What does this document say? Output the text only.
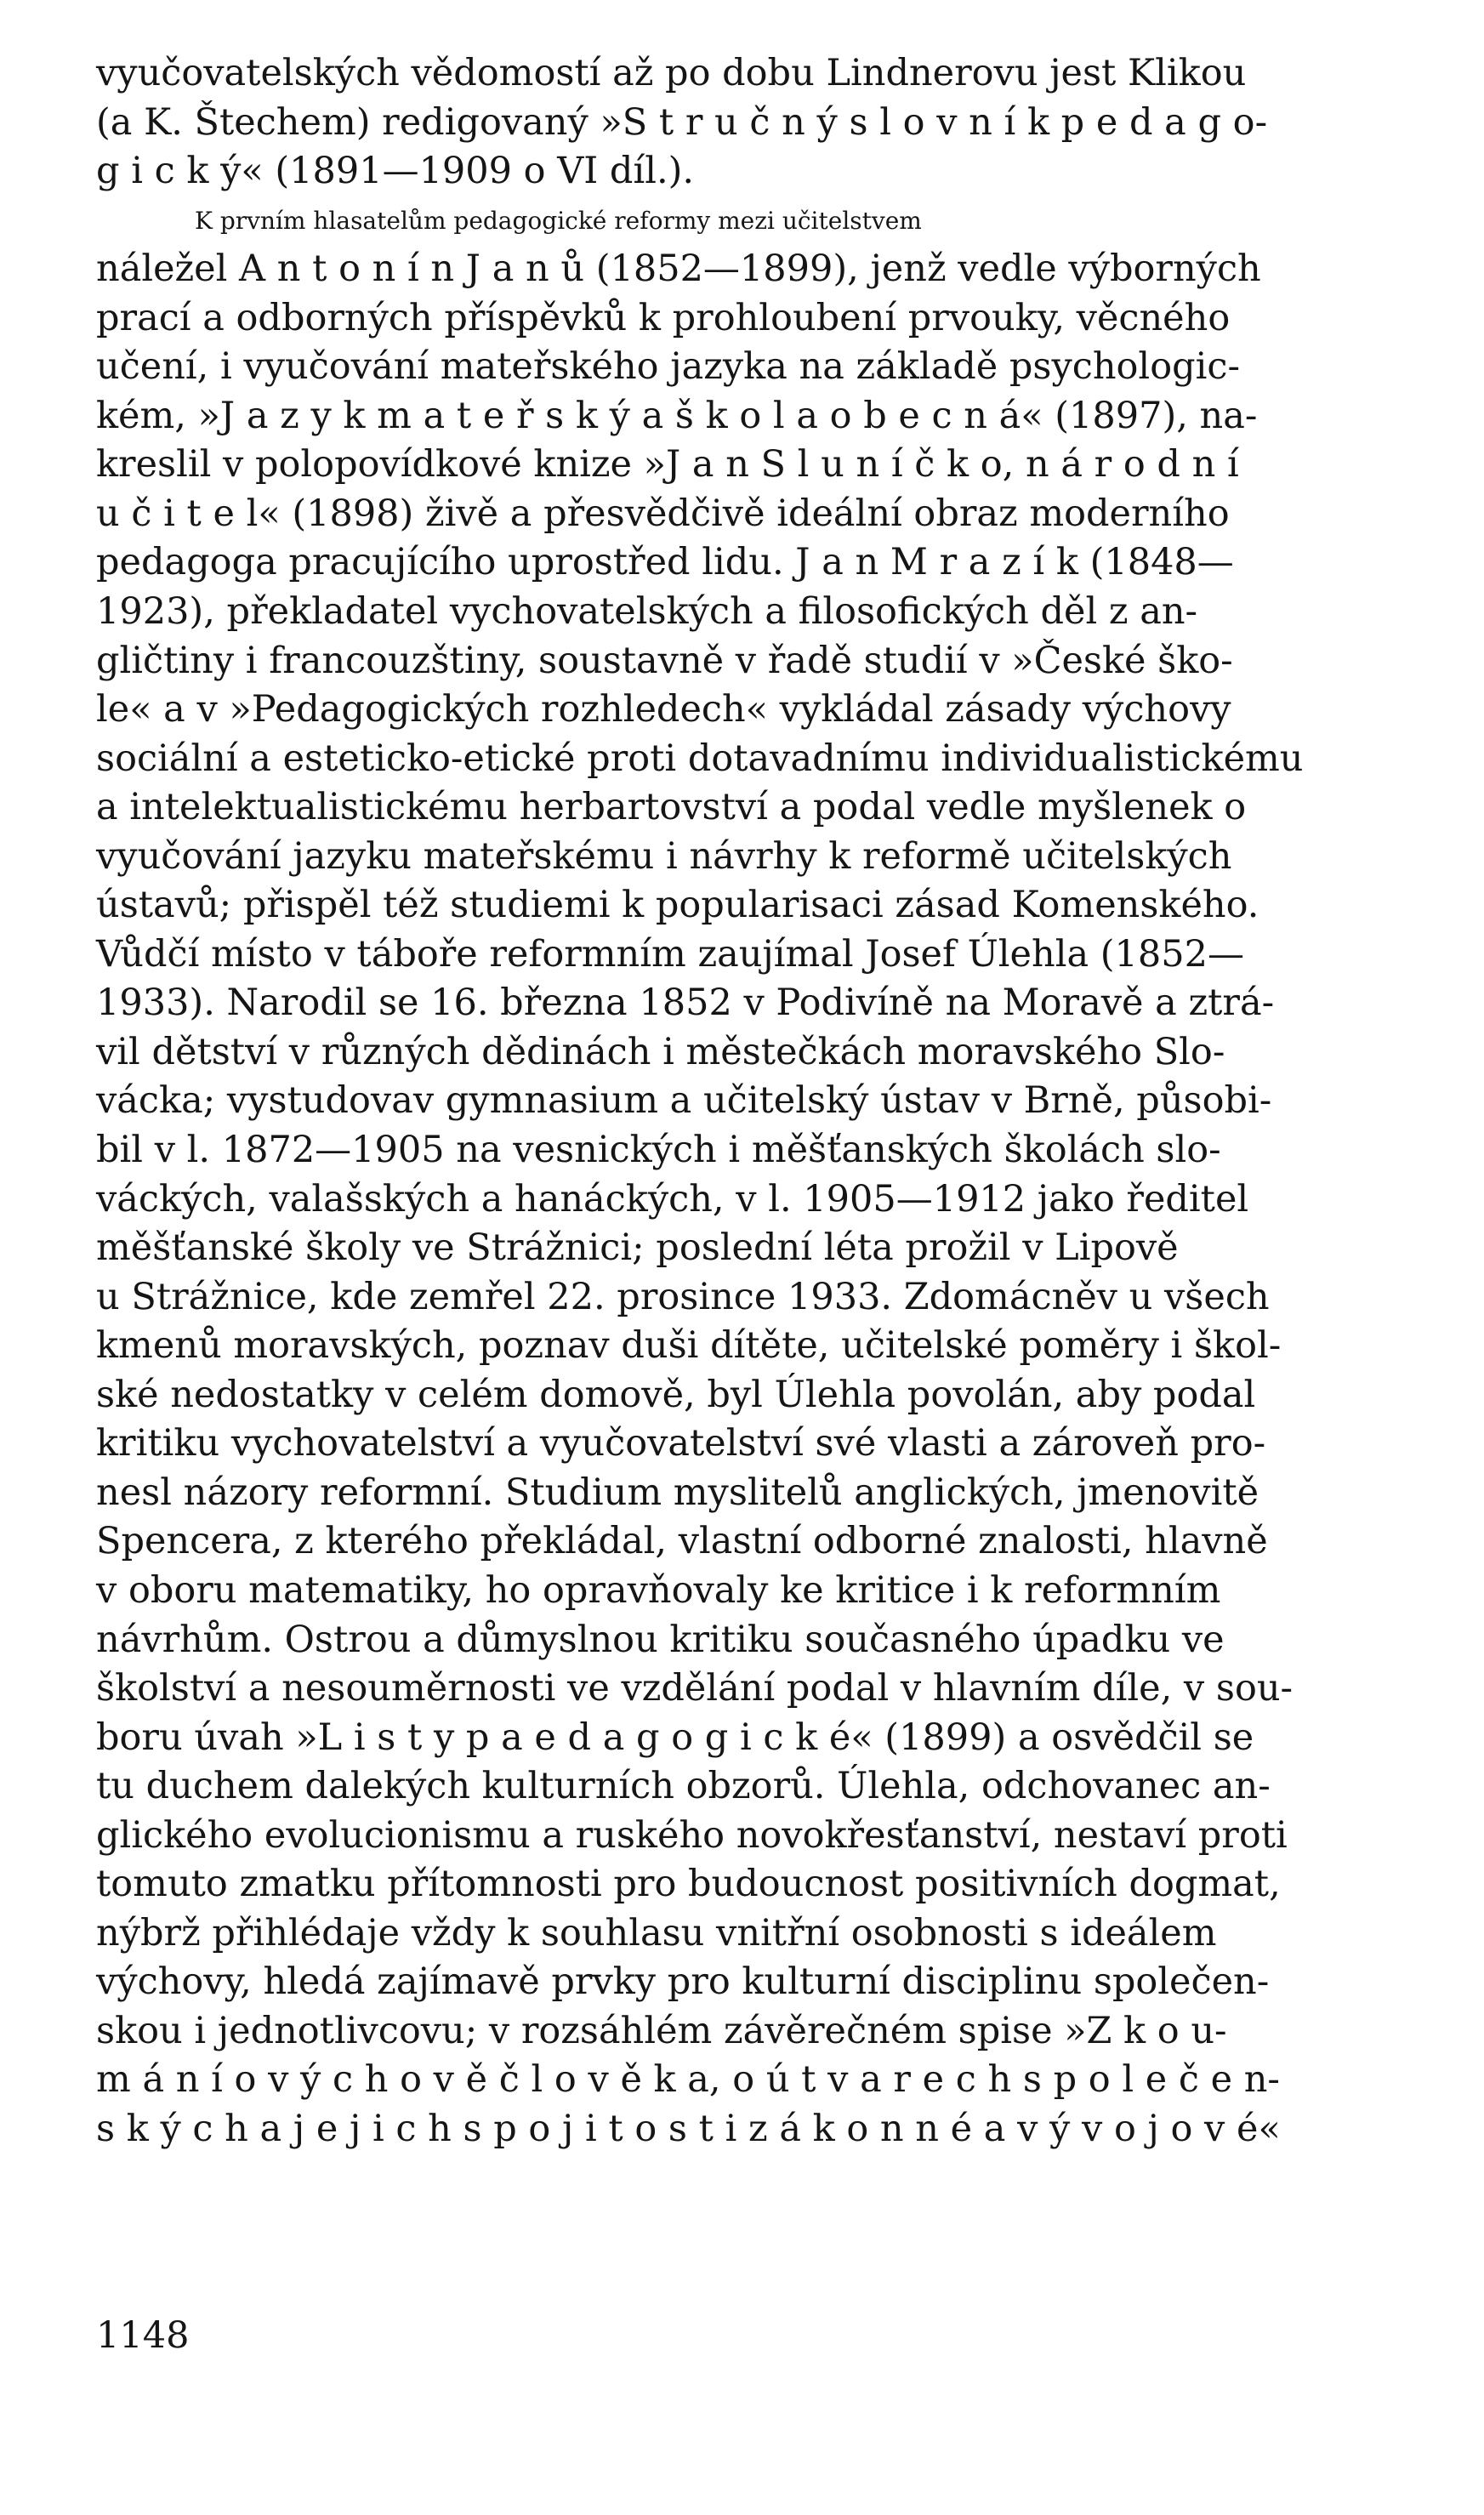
vyučovatelských vědomostí až po dobu Lindnerovu jest Klikou
(a K. Štechem) redigovaný »S t r u č n ý s l o v n í k p e d a g o-
g i c k ý« (1891—1909 o VI díl.).
K prvním hlasatelům pedagogické reformy mezi učitelstvem
náležel A n t o n í n J a n ů (1852—1899), jenž vedle výborných
prací a odborných příspěvků k prohloubení prvouky, věcného
učení, i vyučování mateřského jazyka na základě psychologic-
kém, »J a z y k m a t e ř s k ý a š k o l a o b e c n á« (1897), na-
kreslil v polopovídkové knize »J a n S l u n í č k o, n á r o d n í
u č i t e l« (1898) živě a přesvědčivě ideální obraz moderního
pedagoga pracujícího uprostřed lidu. J a n M r a z í k (1848—
1923), překladatel vychovatelských a filosofických děl z an-
gličtiny i francouzštiny, soustavně v řadě studií v »České ško-
le« a v »Pedagogických rozhledech« vykládal zásady výchovy
sociální a esteticko-etické proti dotavadnímu individualistickému
a intelektualistickému herbartovství a podal vedle myšlenek o
vyučování jazyku mateřskému i návrhy k reformě učitelských
ústavů; přispěl též studiemi k popularisaci zásad Komenského.
Vůdčí místo v táboře reformním zaujímal Josef Úlehla (1852—
1933). Narodil se 16. března 1852 v Podivíně na Moravě a ztrá-
vil dětství v různých dědinách i městečkách moravského Slo-
vácka; vystudovav gymnasium a učitelský ústav v Brně, působi-
bil v l. 1872—1905 na vesnických i měšťanských školách slo-
váckých, valašských a hanáckých, v l. 1905—1912 jako ředitel
měšťanské školy ve Strážnici; poslední léta prožil v Lipově
u Strážnice, kde zemřel 22. prosince 1933. Zdomácněv u všech
kmenů moravských, poznav duši dítěte, učitelské poměry i škol-
ské nedostatky v celém domově, byl Úlehla povolán, aby podal
kritiku vychovatelství a vyučovatelství své vlasti a zároveň pro-
nesl názory reformní. Studium myslitelů anglických, jmenovitě
Spencera, z kterého překládal, vlastní odborné znalosti, hlavně
v oboru matematiky, ho opravňovaly ke kritice i k reformním
návrhům. Ostrou a důmyslnou kritiku současného úpadku ve
školství a nesouměrnosti ve vzdělání podal v hlavním díle, v sou-
boru úvah »L i s t y p a e d a g o g i c k é« (1899) a osvědčil se
tu duchem dalekých kulturních obzorů. Úlehla, odchovanec an-
glického evolucionismu a ruského novokřesťanství, nestaví proti
tomuto zmatku přítomnosti pro budoucnost positivních dogmat,
nýbrž přihlédaje vždy k souhlasu vnitřní osobnosti s ideálem
výchovy, hledá zajímavě prvky pro kulturní disciplinu společen-
skou i jednotlivcovu; v rozsáhlém závěrečném spise »Z k o u-
m á n í o v ý c h o v ě č l o v ě k a, o ú t v a r e c h s p o l e č e n-
s k ý c h a j e j i c h s p o j i t o s t i z á k o n n é a v ý v o j o v é«
1148
